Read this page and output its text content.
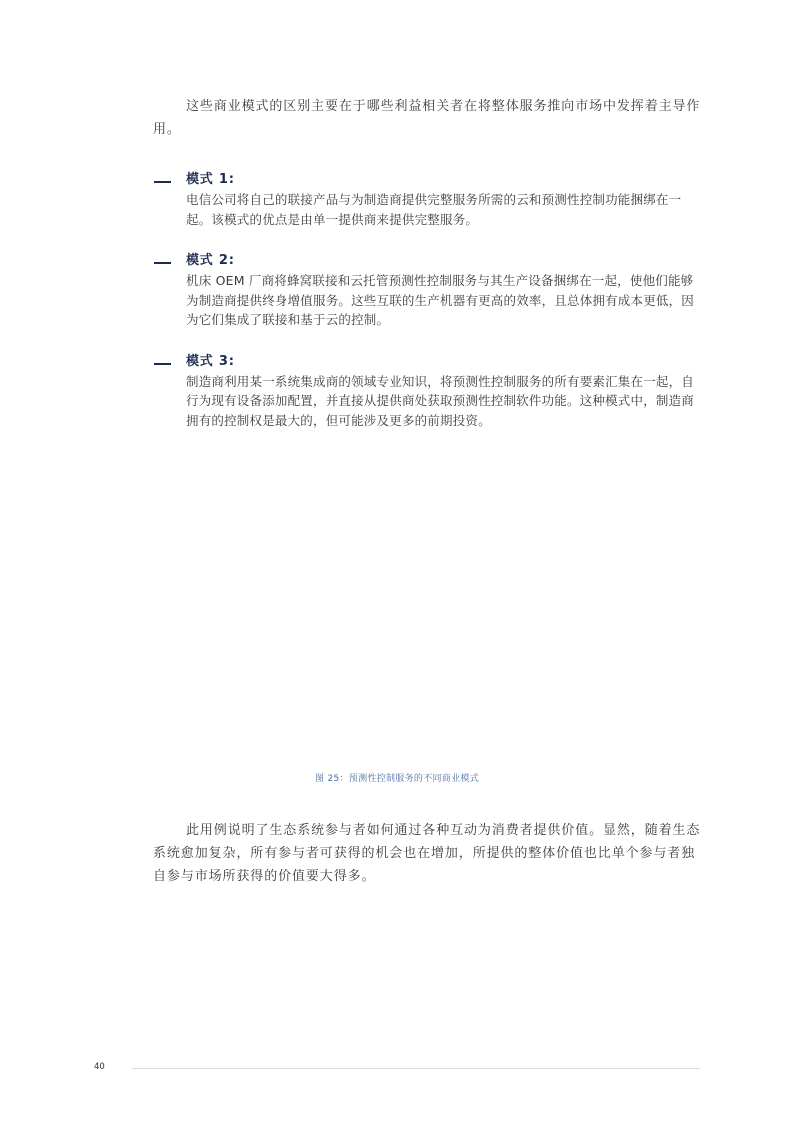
这些商业模式的区别主要在于哪些利益相关者在将整体服务推向市场中发挥着主导作用。

模式 1:
电信公司将自己的联接产品与为制造商提供完整服务所需的云和预测性控制功能捆绑在一起。该模式的优点是由单一提供商来提供完整服务。
模式 2:
机床 OEM 厂商将蜂窝联接和云托管预测性控制服务与其生产设备捆绑在一起，使他们能够为制造商提供终身增值服务。这些互联的生产机器有更高的效率，且总体拥有成本更低，因为它们集成了联接和基于云的控制。
模式 3:
制造商利用某一系统集成商的领域专业知识，将预测性控制服务的所有要素汇集在一起，自行为现有设备添加配置，并直接从提供商处获取预测性控制软件功能。这种模式中，制造商拥有的控制权是最大的，但可能涉及更多的前期投资。
图 25：预测性控制服务的不同商业模式

此用例说明了生态系统参与者如何通过各种互动为消费者提供价值。显然，随着生态系统愈加复杂，所有参与者可获得的机会也在增加，所提供的整体价值也比单个参与者独自参与市场所获得的价值要大得多。

40
